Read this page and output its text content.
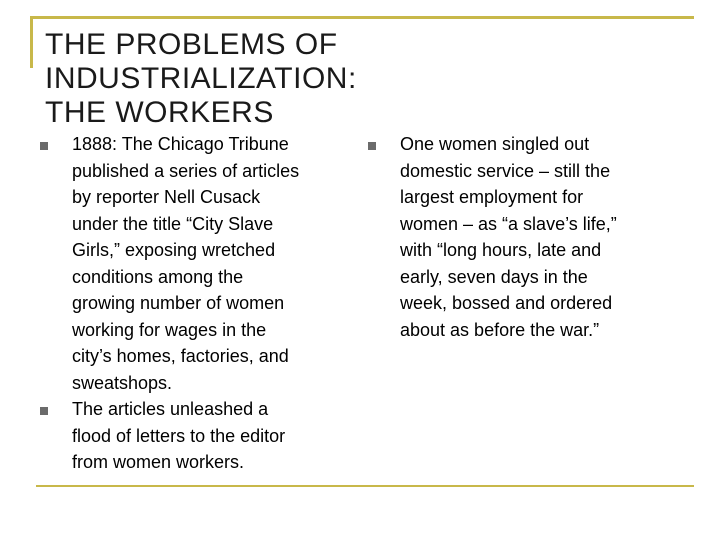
THE PROBLEMS OF
INDUSTRIALIZATION:
THE WORKERS
1888: The Chicago Tribune
published a series of articles
by reporter Nell Cusack
under the title “City Slave
Girls,” exposing wretched
conditions among the
growing number of women
working for wages in the
city’s homes, factories, and
sweatshops.
The articles unleashed a
flood of letters to the editor
from women workers.
One women singled out
domestic service – still the
largest employment for
women – as “a slave’s life,”
with “long hours, late and
early, seven days in the
week, bossed and ordered
about as before the war.”
